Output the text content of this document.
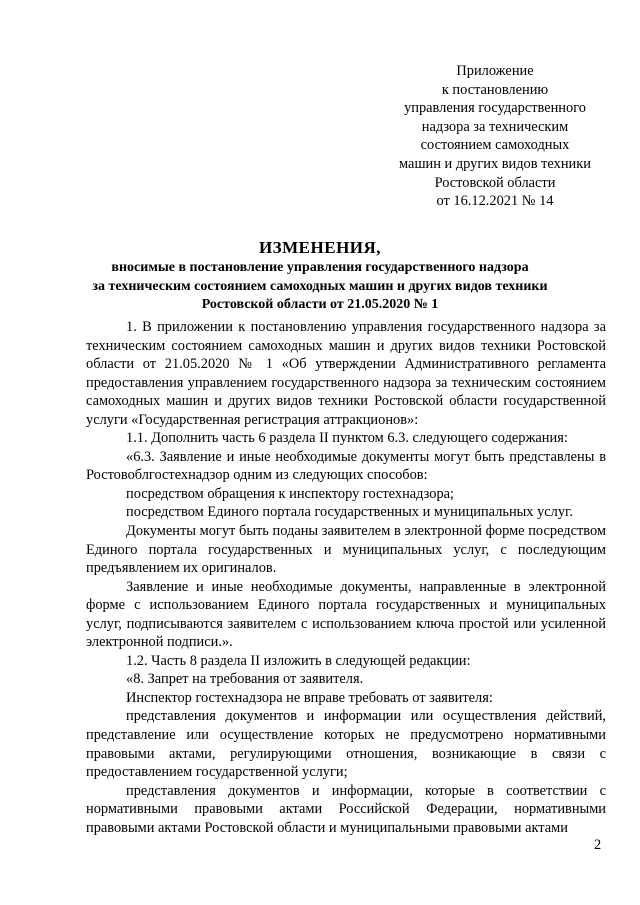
Приложение
к постановлению
управления государственного
надзора за техническим
состоянием самоходных
машин и других видов техники
Ростовской области
от 16.12.2021 № 14
ИЗМЕНЕНИЯ,
вносимые в постановление управления государственного надзора
за техническим состоянием самоходных машин и других видов техники
Ростовской области от 21.05.2020 № 1

1. В приложении к постановлению управления государственного надзора за техническим состоянием самоходных машин и других видов техники Ростовской области от 21.05.2020 № 1 «Об утверждении Административного регламента предоставления управлением государственного надзора за техническим состоянием самоходных машин и других видов техники Ростовской области государственной услуги «Государственная регистрация аттракционов»:

1.1. Дополнить часть 6 раздела II пунктом 6.3. следующего содержания:

«6.3. Заявление и иные необходимые документы могут быть представлены в Ростовоблгостехнадзор одним из следующих способов:

посредством обращения к инспектору гостехнадзора;

посредством Единого портала государственных и муниципальных услуг.

Документы могут быть поданы заявителем в электронной форме посредством Единого портала государственных и муниципальных услуг, с последующим предъявлением их оригиналов.

Заявление и иные необходимые документы, направленные в электронной форме с использованием Единого портала государственных и муниципальных услуг, подписываются заявителем с использованием ключа простой или усиленной электронной подписи.».

1.2. Часть 8 раздела II изложить в следующей редакции:

«8. Запрет на требования от заявителя.

Инспектор гостехнадзора не вправе требовать от заявителя:

представления документов и информации или осуществления действий, представление или осуществление которых не предусмотрено нормативными правовыми актами, регулирующими отношения, возникающие в связи с предоставлением государственной услуги;

представления документов и информации, которые в соответствии с нормативными правовыми актами Российской Федерации, нормативными правовыми актами Ростовской области и муниципальными правовыми актами

2
